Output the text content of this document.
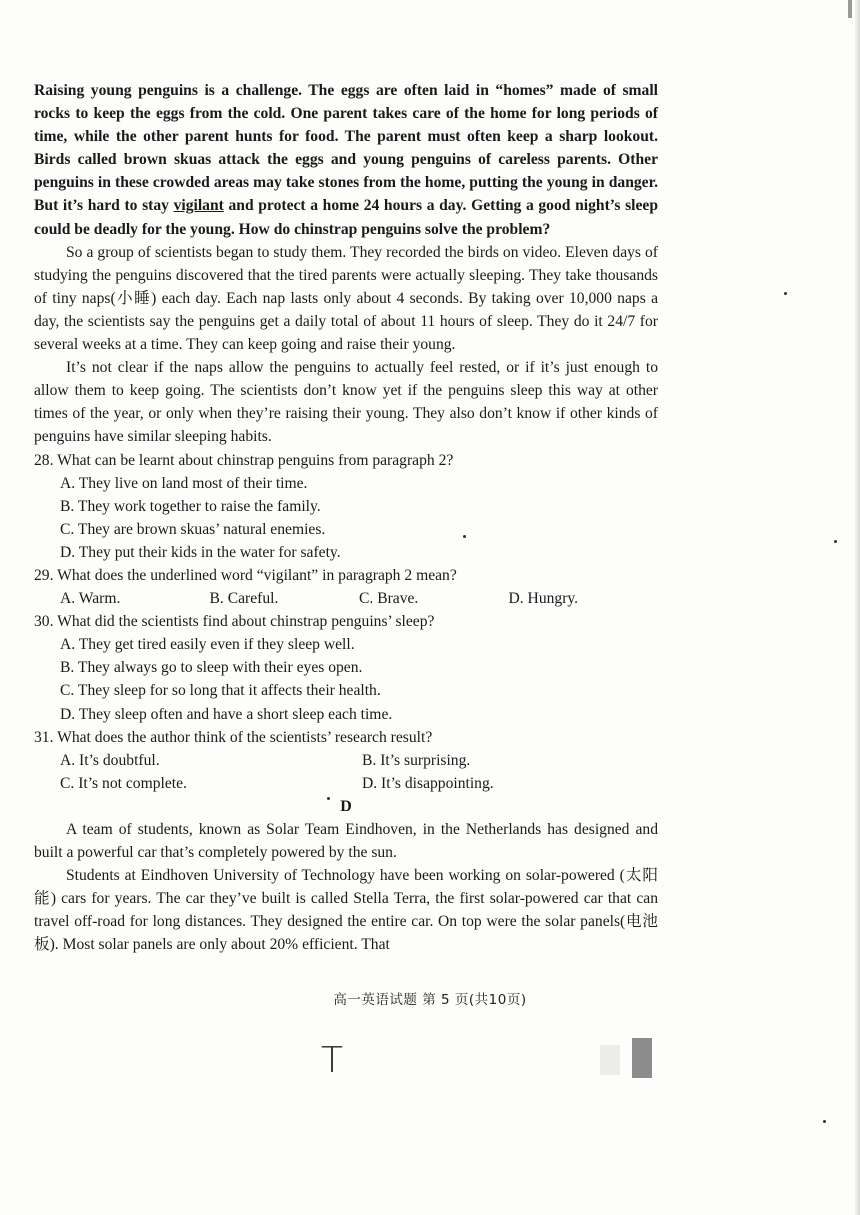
Raising young penguins is a challenge. The eggs are often laid in “homes” made of small rocks to keep the eggs from the cold. One parent takes care of the home for long periods of time, while the other parent hunts for food. The parent must often keep a sharp lookout. Birds called brown skuas attack the eggs and young penguins of careless parents. Other penguins in these crowded areas may take stones from the home, putting the young in danger. But it’s hard to stay vigilant and protect a home 24 hours a day. Getting a good night’s sleep could be deadly for the young. How do chinstrap penguins solve the problem?

So a group of scientists began to study them. They recorded the birds on video. Eleven days of studying the penguins discovered that the tired parents were actually sleeping. They take thousands of tiny naps(小睡) each day. Each nap lasts only about 4 seconds. By taking over 10,000 naps a day, the scientists say the penguins get a daily total of about 11 hours of sleep. They do it 24/7 for several weeks at a time. They can keep going and raise their young.

It’s not clear if the naps allow the penguins to actually feel rested, or if it’s just enough to allow them to keep going. The scientists don’t know yet if the penguins sleep this way at other times of the year, or only when they’re raising their young. They also don’t know if other kinds of penguins have similar sleeping habits.

28. What can be learnt about chinstrap penguins from paragraph 2?

A. They live on land most of their time.

B. They work together to raise the family.

C. They are brown skuas’ natural enemies.

D. They put their kids in the water for safety.

29. What does the underlined word “vigilant” in paragraph 2 mean?

A. Warm.	B. Careful.	C. Brave.	D. Hungry.

30. What did the scientists find about chinstrap penguins’ sleep?

A. They get tired easily even if they sleep well.

B. They always go to sleep with their eyes open.

C. They sleep for so long that it affects their health.

D. They sleep often and have a short sleep each time.

31. What does the author think of the scientists’ research result?

A. It’s doubtful.	B. It’s surprising.
C. It’s not complete.	D. It’s disappointing.

D

A team of students, known as Solar Team Eindhoven, in the Netherlands has designed and built a powerful car that’s completely powered by the sun.

Students at Eindhoven University of Technology have been working on solar-powered (太阳能) cars for years. The car they’ve built is called Stella Terra, the first solar-powered car that can travel off-road for long distances. They designed the entire car. On top were the solar panels(电池板). Most solar panels are only about 20% efficient. That

高一英语试题 第 5 页(共10页)
T
